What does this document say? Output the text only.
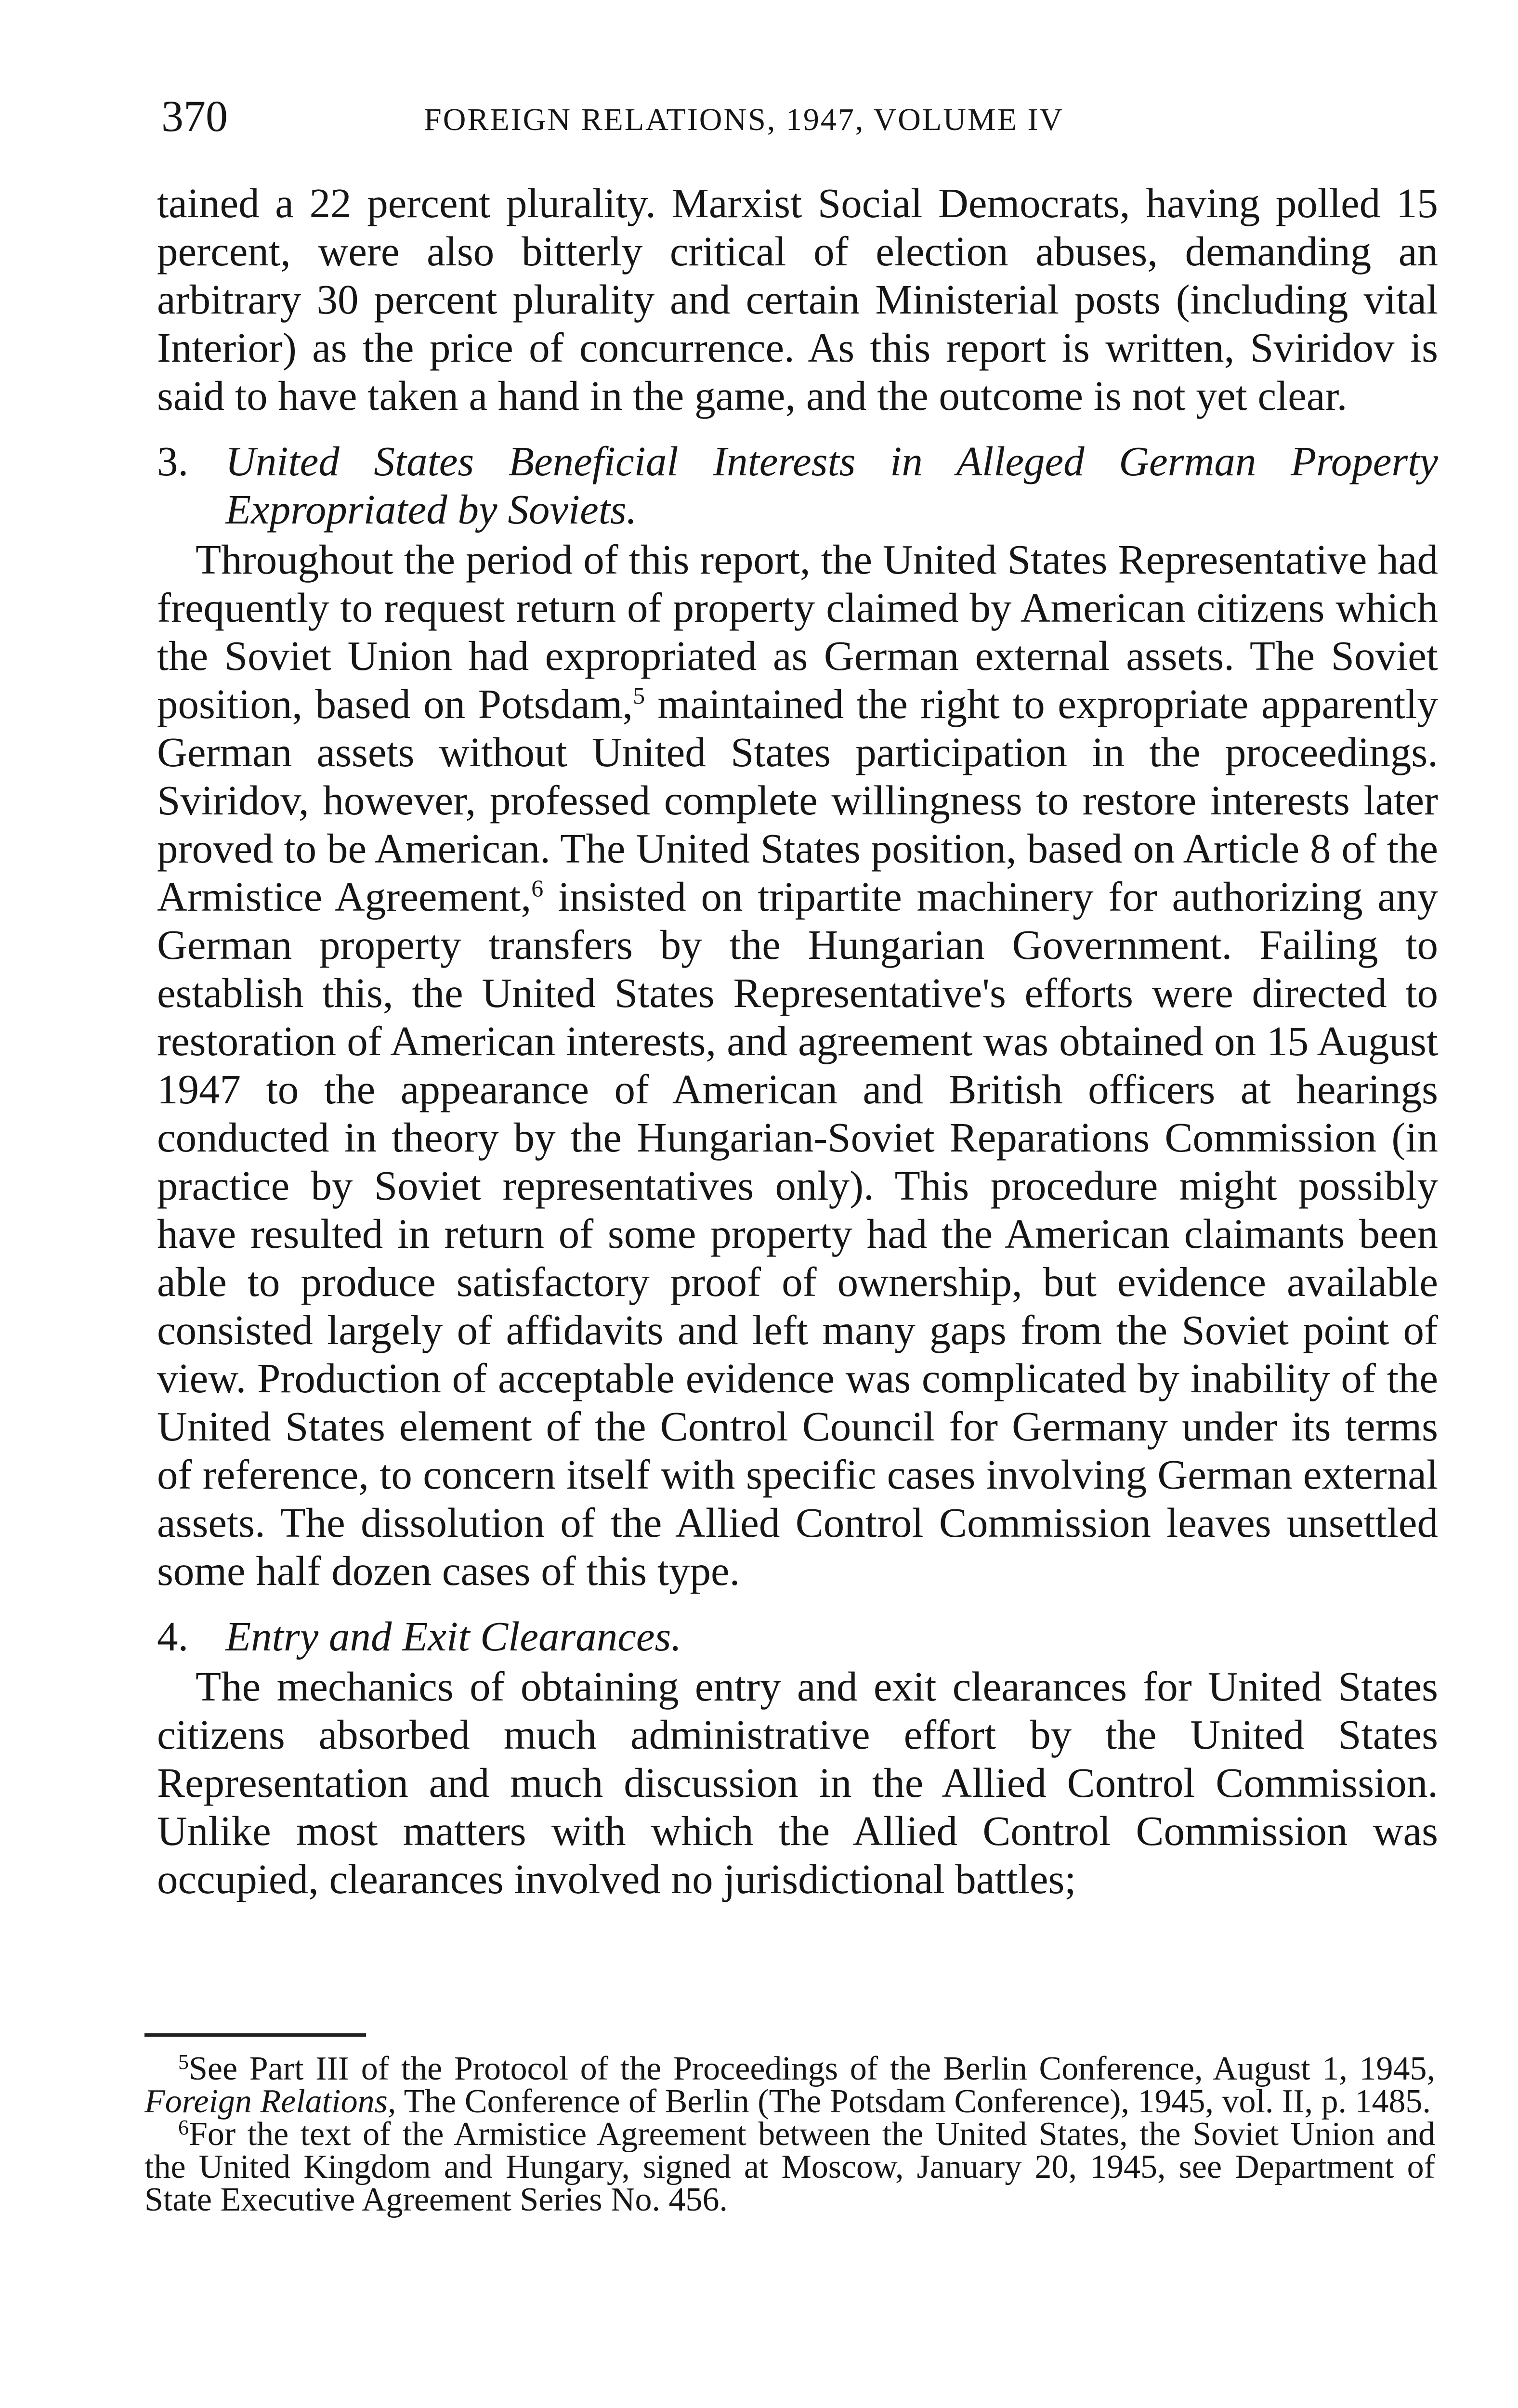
370	FOREIGN RELATIONS, 1947, VOLUME IV

tained a 22 percent plurality. Marxist Social Democrats, having polled 15 percent, were also bitterly critical of election abuses, demanding an arbitrary 30 percent plurality and certain Ministerial posts (including vital Interior) as the price of concurrence. As this report is written, Sviridov is said to have taken a hand in the game, and the outcome is not yet clear.

3. United States Beneficial Interests in Alleged German Property Expropriated by Soviets.

Throughout the period of this report, the United States Representative had frequently to request return of property claimed by American citizens which the Soviet Union had expropriated as German external assets. The Soviet position, based on Potsdam,$^5$ maintained the right to expropriate apparently German assets without United States participation in the proceedings. Sviridov, however, professed complete willingness to restore interests later proved to be American. The United States position, based on Article 8 of the Armistice Agreement,$^6$ insisted on tripartite machinery for authorizing any German property transfers by the Hungarian Government. Failing to establish this, the United States Representative's efforts were directed to restoration of American interests, and agreement was obtained on 15 August 1947 to the appearance of American and British officers at hearings conducted in theory by the Hungarian-Soviet Reparations Commission (in practice by Soviet representatives only). This procedure might possibly have resulted in return of some property had the American claimants been able to produce satisfactory proof of ownership, but evidence available consisted largely of affidavits and left many gaps from the Soviet point of view. Production of acceptable evidence was complicated by inability of the United States element of the Control Council for Germany under its terms of reference, to concern itself with specific cases involving German external assets. The dissolution of the Allied Control Commission leaves unsettled some half dozen cases of this type.

4. Entry and Exit Clearances.

The mechanics of obtaining entry and exit clearances for United States citizens absorbed much administrative effort by the United States Representation and much discussion in the Allied Control Commission. Unlike most matters with which the Allied Control Commission was occupied, clearances involved no jurisdictional battles;

$^5$See Part III of the Protocol of the Proceedings of the Berlin Conference, August 1, 1945, Foreign Relations, The Conference of Berlin (The Potsdam Conference), 1945, vol. II, p. 1485.

$^6$For the text of the Armistice Agreement between the United States, the Soviet Union and the United Kingdom and Hungary, signed at Moscow, January 20, 1945, see Department of State Executive Agreement Series No. 456.
